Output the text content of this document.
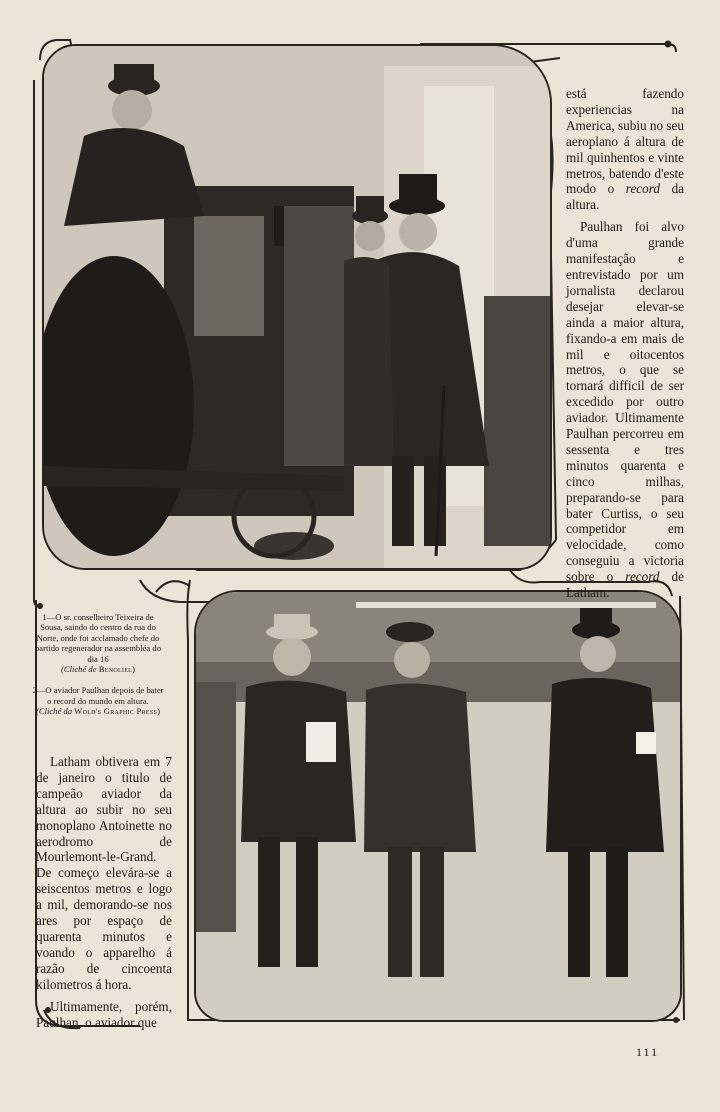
está fazendo experiencias na America, subiu no seu aeroplano á altura de mil quinhentos e vinte metros, batendo d'este modo o record da altura.

Paulhan foi alvo d'uma grande manifestação e entrevistado por um jornalista declarou desejar elevar-se ainda a maior altura, fixando-a em mais de mil e oitocentos metros, o que se tornará difficil de ser excedido por outro aviador. Ultimamente Paulhan percorreu em sessenta e tres minutos quarenta e cinco milhas, preparando-se para bater Curtiss, o seu competidor em velocidade, como conseguiu a victoria sobre o record de Latham.

1—O sr. conselheiro Teixeira de Sousa, saindo do centro da rua do Norte, onde foi acclamado chefe do partido regenerador na assembléa do dia 16
(Cliché de Benoliel)

2—O aviador Paulhan depois de bater o record do mundo em altura.
(Cliché da Wold's Graphic Press)

Latham obtivera em 7 de janeiro o titulo de campeão aviador da altura ao subir no seu monoplano Antoinette no aerodromo de Mourlemont-le-Grand. De começo elevára-se a seiscentos metros e logo a mil, demorando-se nos ares por espaço de quarenta minutos e voando o apparelho á razão de cincoenta kilometros á hora.

Ultimamente, porém, Paulhan, o aviador que

111
